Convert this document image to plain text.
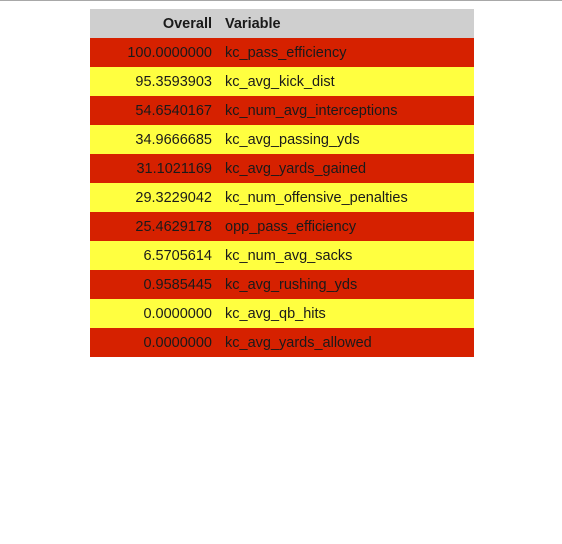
Overall	Variable
100.0000000	kc_pass_efficiency
95.3593903	kc_avg_kick_dist
54.6540167	kc_num_avg_interceptions
34.9666685	kc_avg_passing_yds
31.1021169	kc_avg_yards_gained
29.3229042	kc_num_offensive_penalties
25.4629178	opp_pass_efficiency
6.5705614	kc_num_avg_sacks
0.9585445	kc_avg_rushing_yds
0.0000000	kc_avg_qb_hits
0.0000000	kc_avg_yards_allowed
